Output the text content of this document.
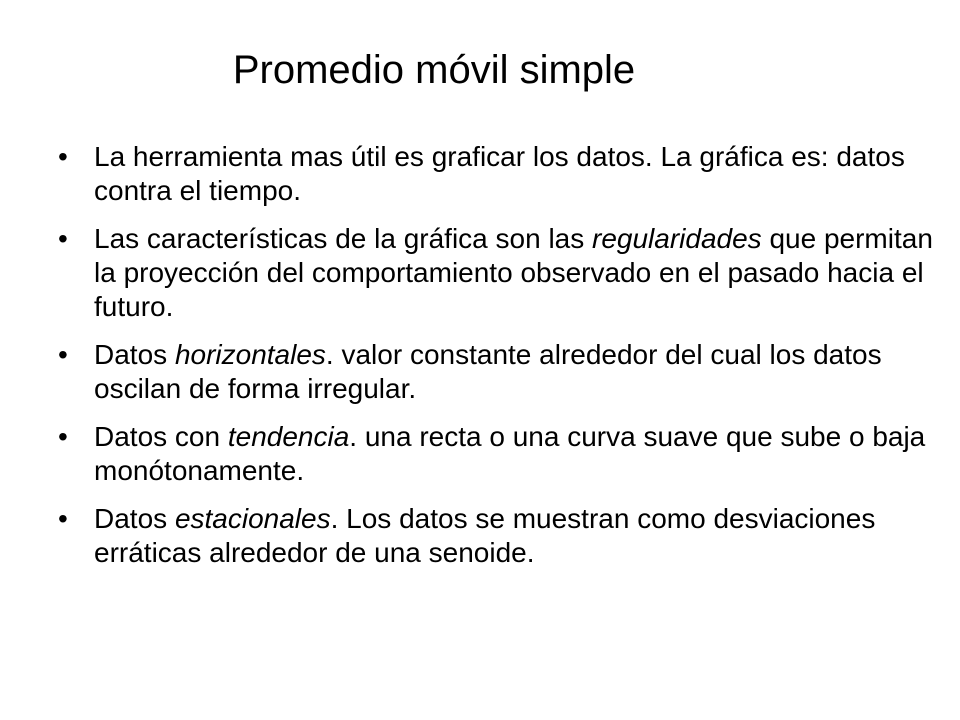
Promedio móvil simple
• La herramienta mas útil es graficar los datos. La gráfica es: datos contra el tiempo.
• Las características de la gráfica son las regularidades que permitan la proyección del comportamiento observado en el pasado hacia el futuro.
• Datos horizontales. valor constante alrededor del cual los datos oscilan de forma irregular.
• Datos con tendencia. una recta o una curva suave que sube o baja monótonamente.
• Datos estacionales. Los datos se muestran como desviaciones erráticas alrededor de una senoide.
